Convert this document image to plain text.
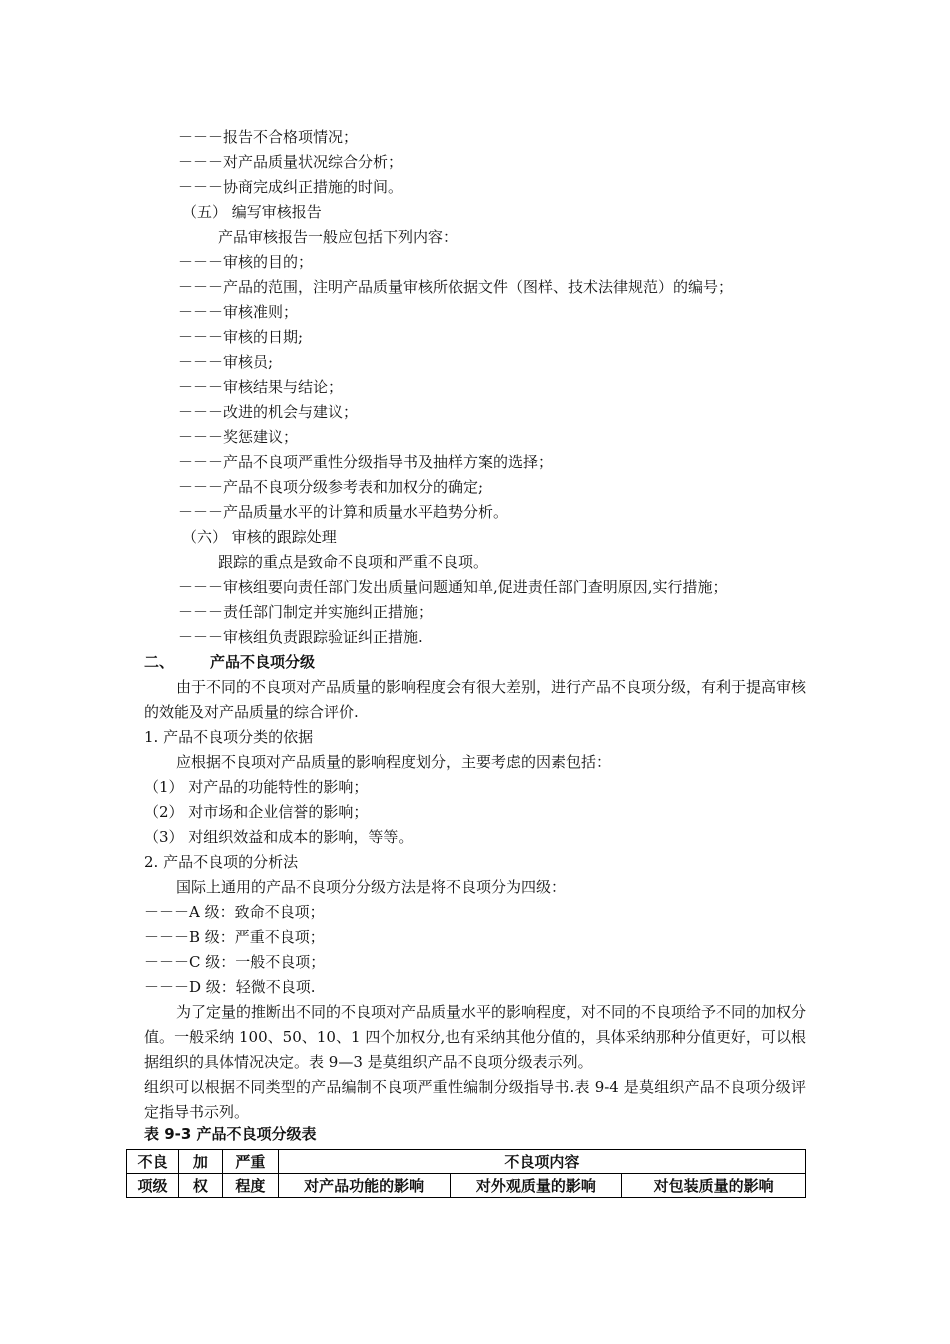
－－－报告不合格项情况；
－－－对产品质量状况综合分析；
－－－协商完成纠正措施的时间。
（五） 编写审核报告
产品审核报告一般应包括下列内容：
－－－审核的目的；
－－－产品的范围，注明产品质量审核所依据文件（图样、技术法律规范）的编号；
－－－审核准则；
－－－审核的日期;
－－－审核员;
－－－审核结果与结论；
－－－改进的机会与建议；
－－－奖惩建议；
－－－产品不良项严重性分级指导书及抽样方案的选择；
－－－产品不良项分级参考表和加权分的确定;
－－－产品质量水平的计算和质量水平趋势分析。
（六） 审核的跟踪处理
跟踪的重点是致命不良项和严重不良项。
－－－审核组要向责任部门发出质量问题通知单,促进责任部门查明原因,实行措施；
－－－责任部门制定并实施纠正措施；
－－－审核组负责跟踪验证纠正措施.
二、 产品不良项分级
由于不同的不良项对产品质量的影响程度会有很大差别，进行产品不良项分级，有利于提高审核的效能及对产品质量的综合评价.
1. 产品不良项分类的依据
应根据不良项对产品质量的影响程度划分，主要考虑的因素包括：
（1） 对产品的功能特性的影响；
（2） 对市场和企业信誉的影响；
（3） 对组织效益和成本的影响，等等。
2. 产品不良项的分析法
国际上通用的产品不良项分分级方法是将不良项分为四级：
－－－A 级：致命不良项；
－－－B 级：严重不良项；
－－－C 级：一般不良项；
－－－D 级：轻微不良项.
为了定量的推断出不同的不良项对产品质量水平的影响程度，对不同的不良项给予不同的加权分值。一般采纳 100、50、10、1 四个加权分,也有采纳其他分值的，具体采纳那种分值更好，可以根据组织的具体情况决定。表 9—3 是莫组织产品不良项分级表示列。
组织可以根据不同类型的产品编制不良项严重性编制分级指导书.表 9-4 是莫组织产品不良项分级评定指导书示列。
表 9-3 产品不良项分级表
不良	加	严重	不良项内容		
项级	权	程度	对产品功能的影响	对外观质量的影响	对包装质量的影响
